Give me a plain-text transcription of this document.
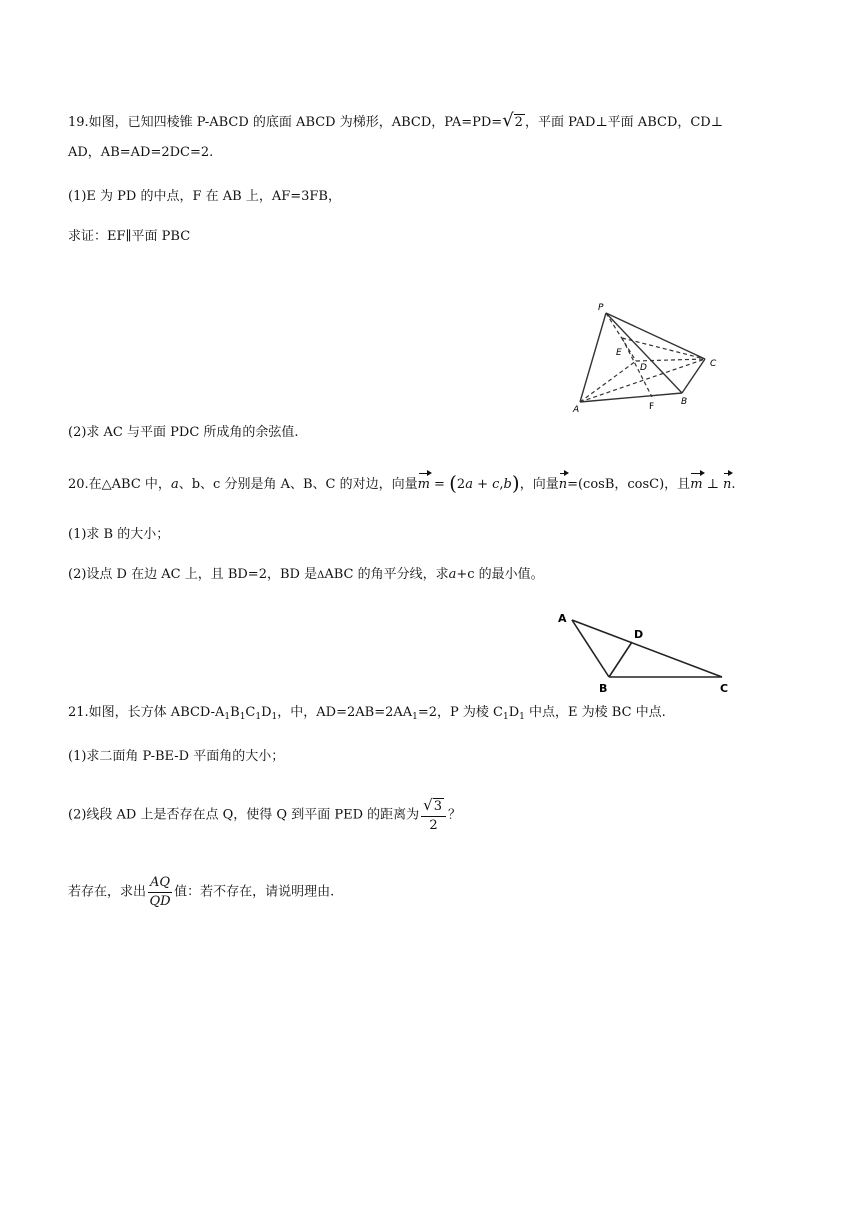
19.如图，已知四棱锥 P-ABCD 的底面 ABCD 为梯形，ABCD，PA=PD=√2 ，平面 PAD⊥平面 ABCD，CD⊥
AD，AB=AD=2DC=2.
(1)E 为 PD 的中点，F 在 AB 上，AF=3FB，
求证：EF∥平面 PBC
P
E
D	C
A	F	B
(2)求 AC 与平面 PDC 所成角的余弦值.
20.在△ABC 中，a、b、c 分别是角 A、B、C 的对边，向量m = (2a + c,b)，向量n=(cosB，cosC)，且m ⊥ n.
(1)求 B 的大小；
(2)设点 D 在边 AC 上，且 BD=2，BD 是ΔABC 的角平分线，求a+c 的最小值。
A
D
B	C
21.如图，长方体 ABCD-$A_1B_1C_1D_1$，中，$AD=2AB=2AA_1=2$，P 为棱 $C_1D_1$ 中点，E 为棱 BC 中点.
(1)求二面角 P-BE-D 平面角的大小；
(2)线段 AD 上是否存在点 Q，使得 Q 到平面 PED 的距离为 $\frac{√3}{2}$ ？
若存在，求出 $\frac{AQ}{QD}$ 值：若不存在，请说明理由.
